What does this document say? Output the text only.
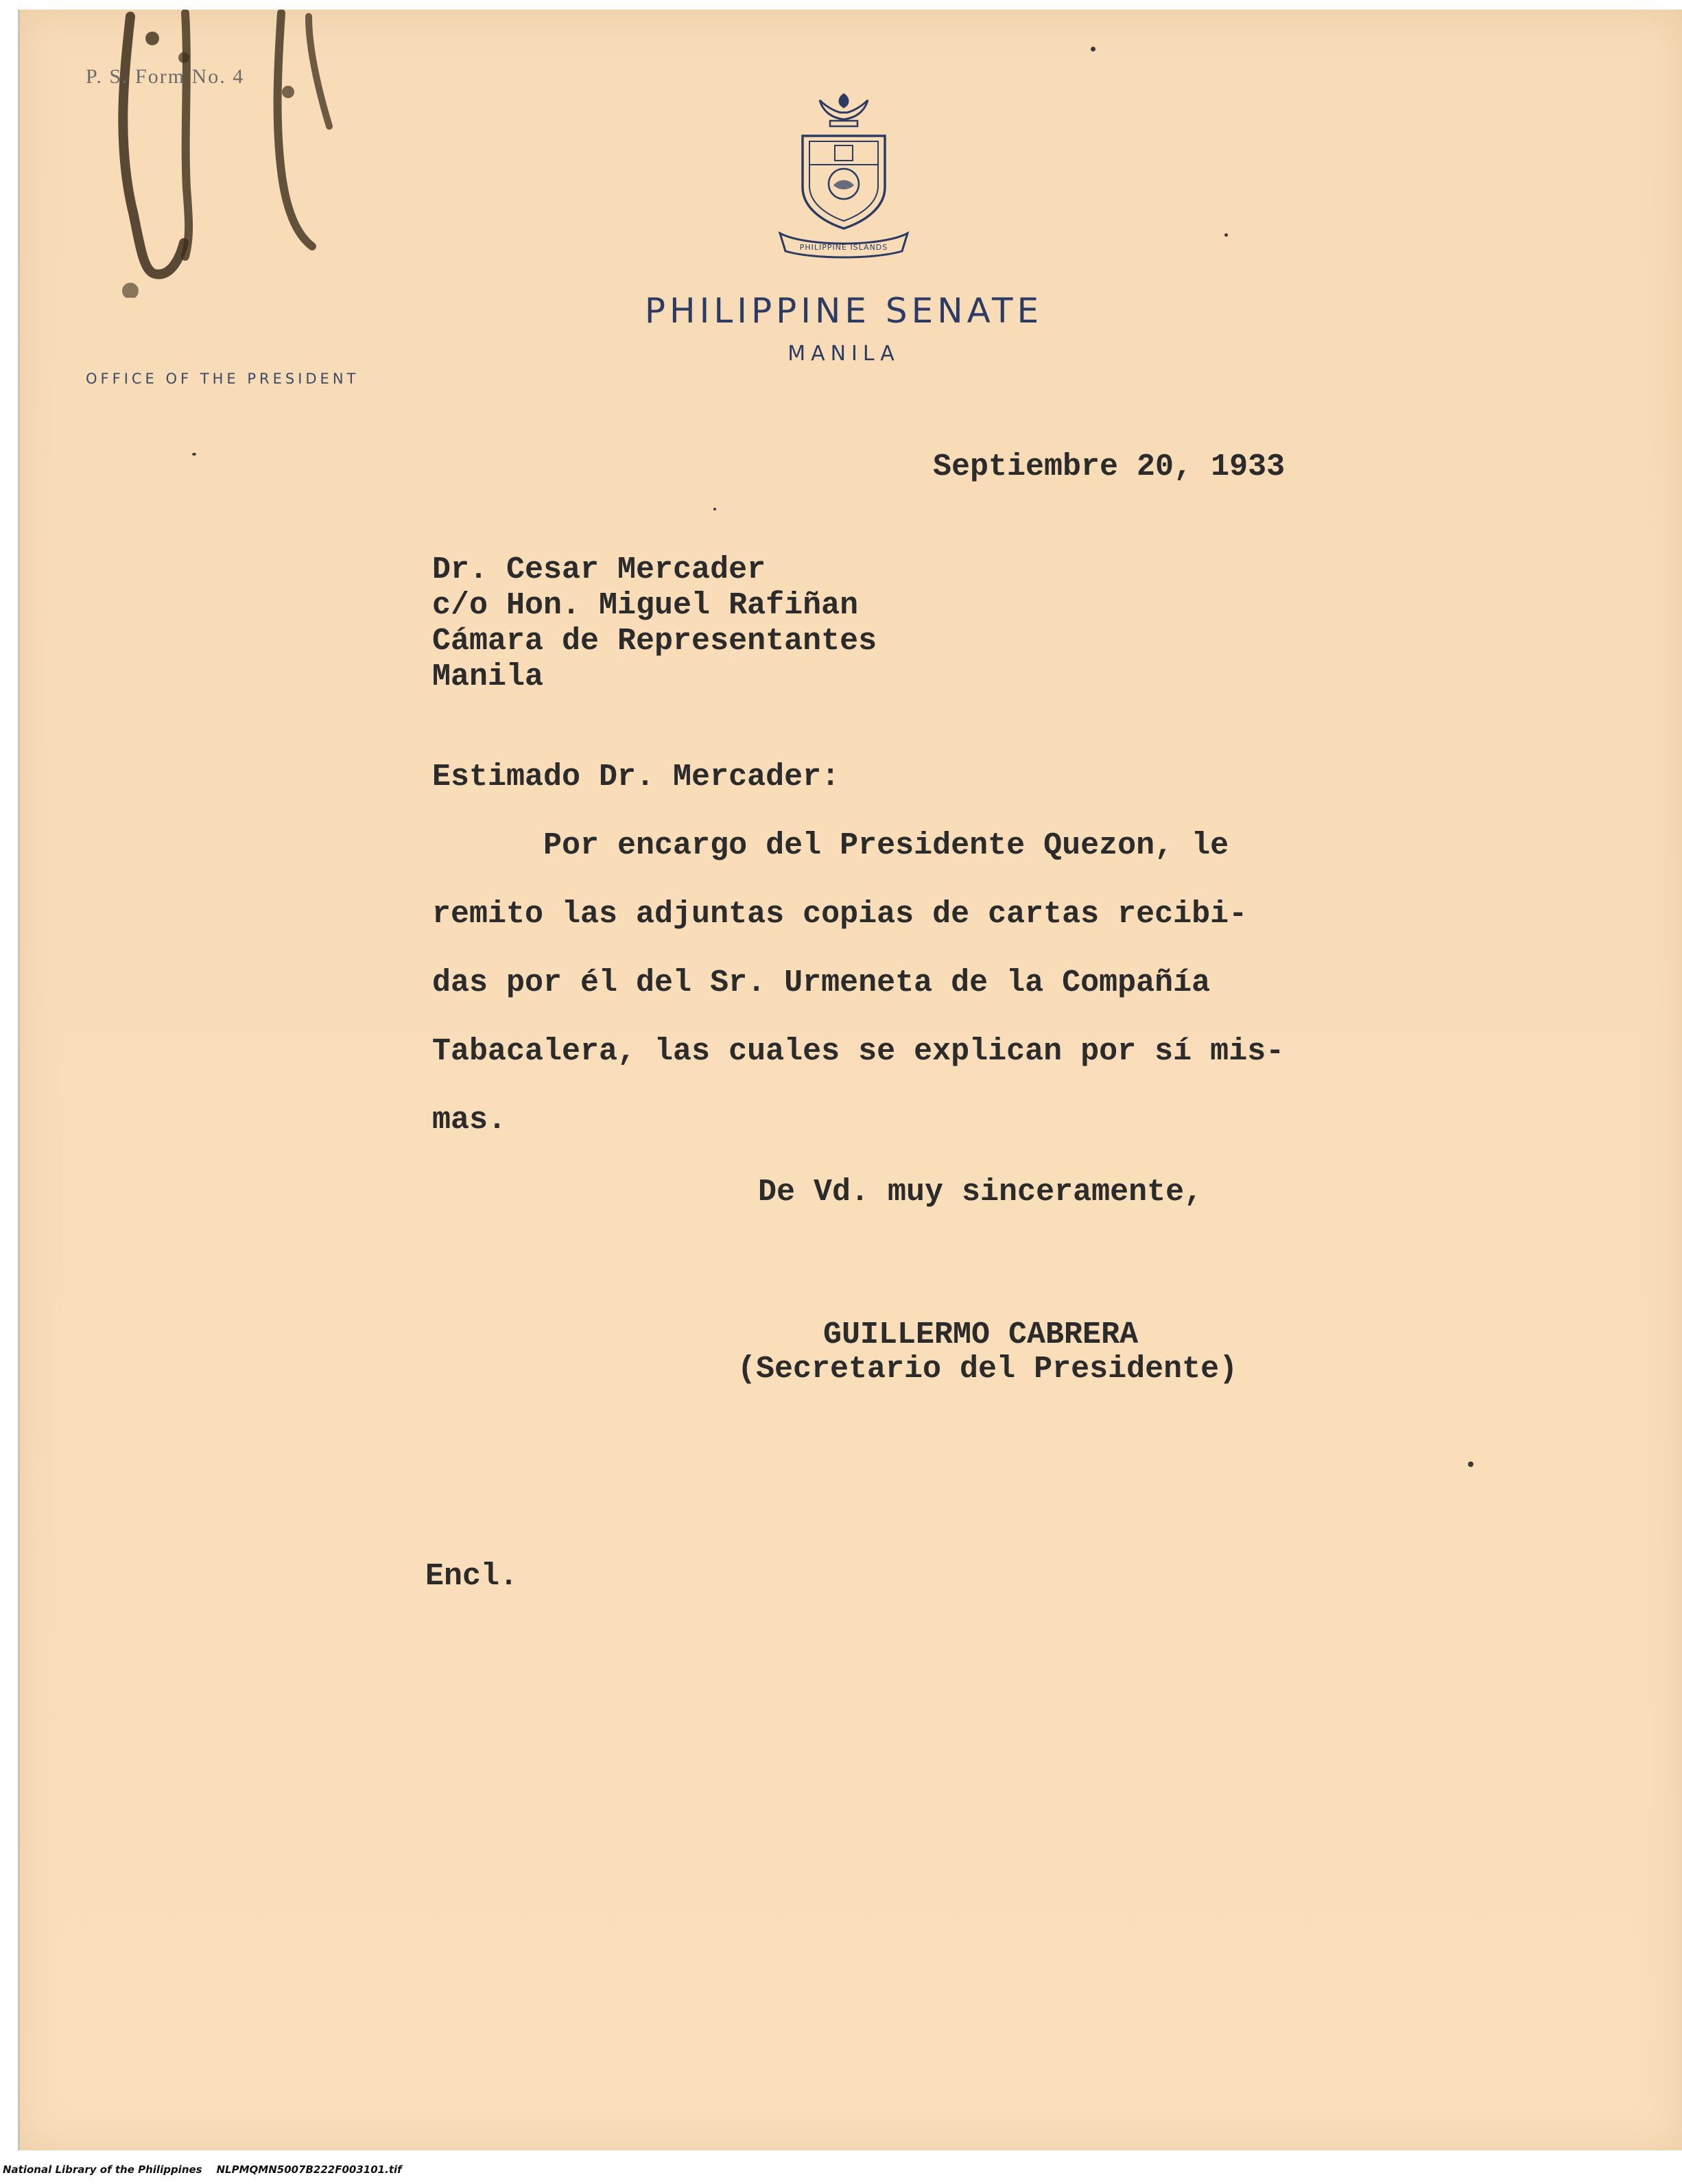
P. S. Form No. 4
PHILIPPINE ISLANDS
PHILIPPINE SENATE
MANILA
OFFICE OF THE PRESIDENT
Septiembre 20, 1933
Dr. Cesar Mercader
c/o Hon. Miguel Rafiñan
Cámara de Representantes
Manila
Estimado Dr. Mercader:
Por encargo del Presidente Quezon, le
remito las adjuntas copias de cartas recibi-
das por él del Sr. Urmeneta de la Compañía
Tabacalera, las cuales se explican por sí mis-
mas.
De Vd. muy sinceramente,
GUILLERMO CABRERA
(Secretario del Presidente)
Encl.
National Library of the Philippines    NLPMQMN5007B222F003101.tif
